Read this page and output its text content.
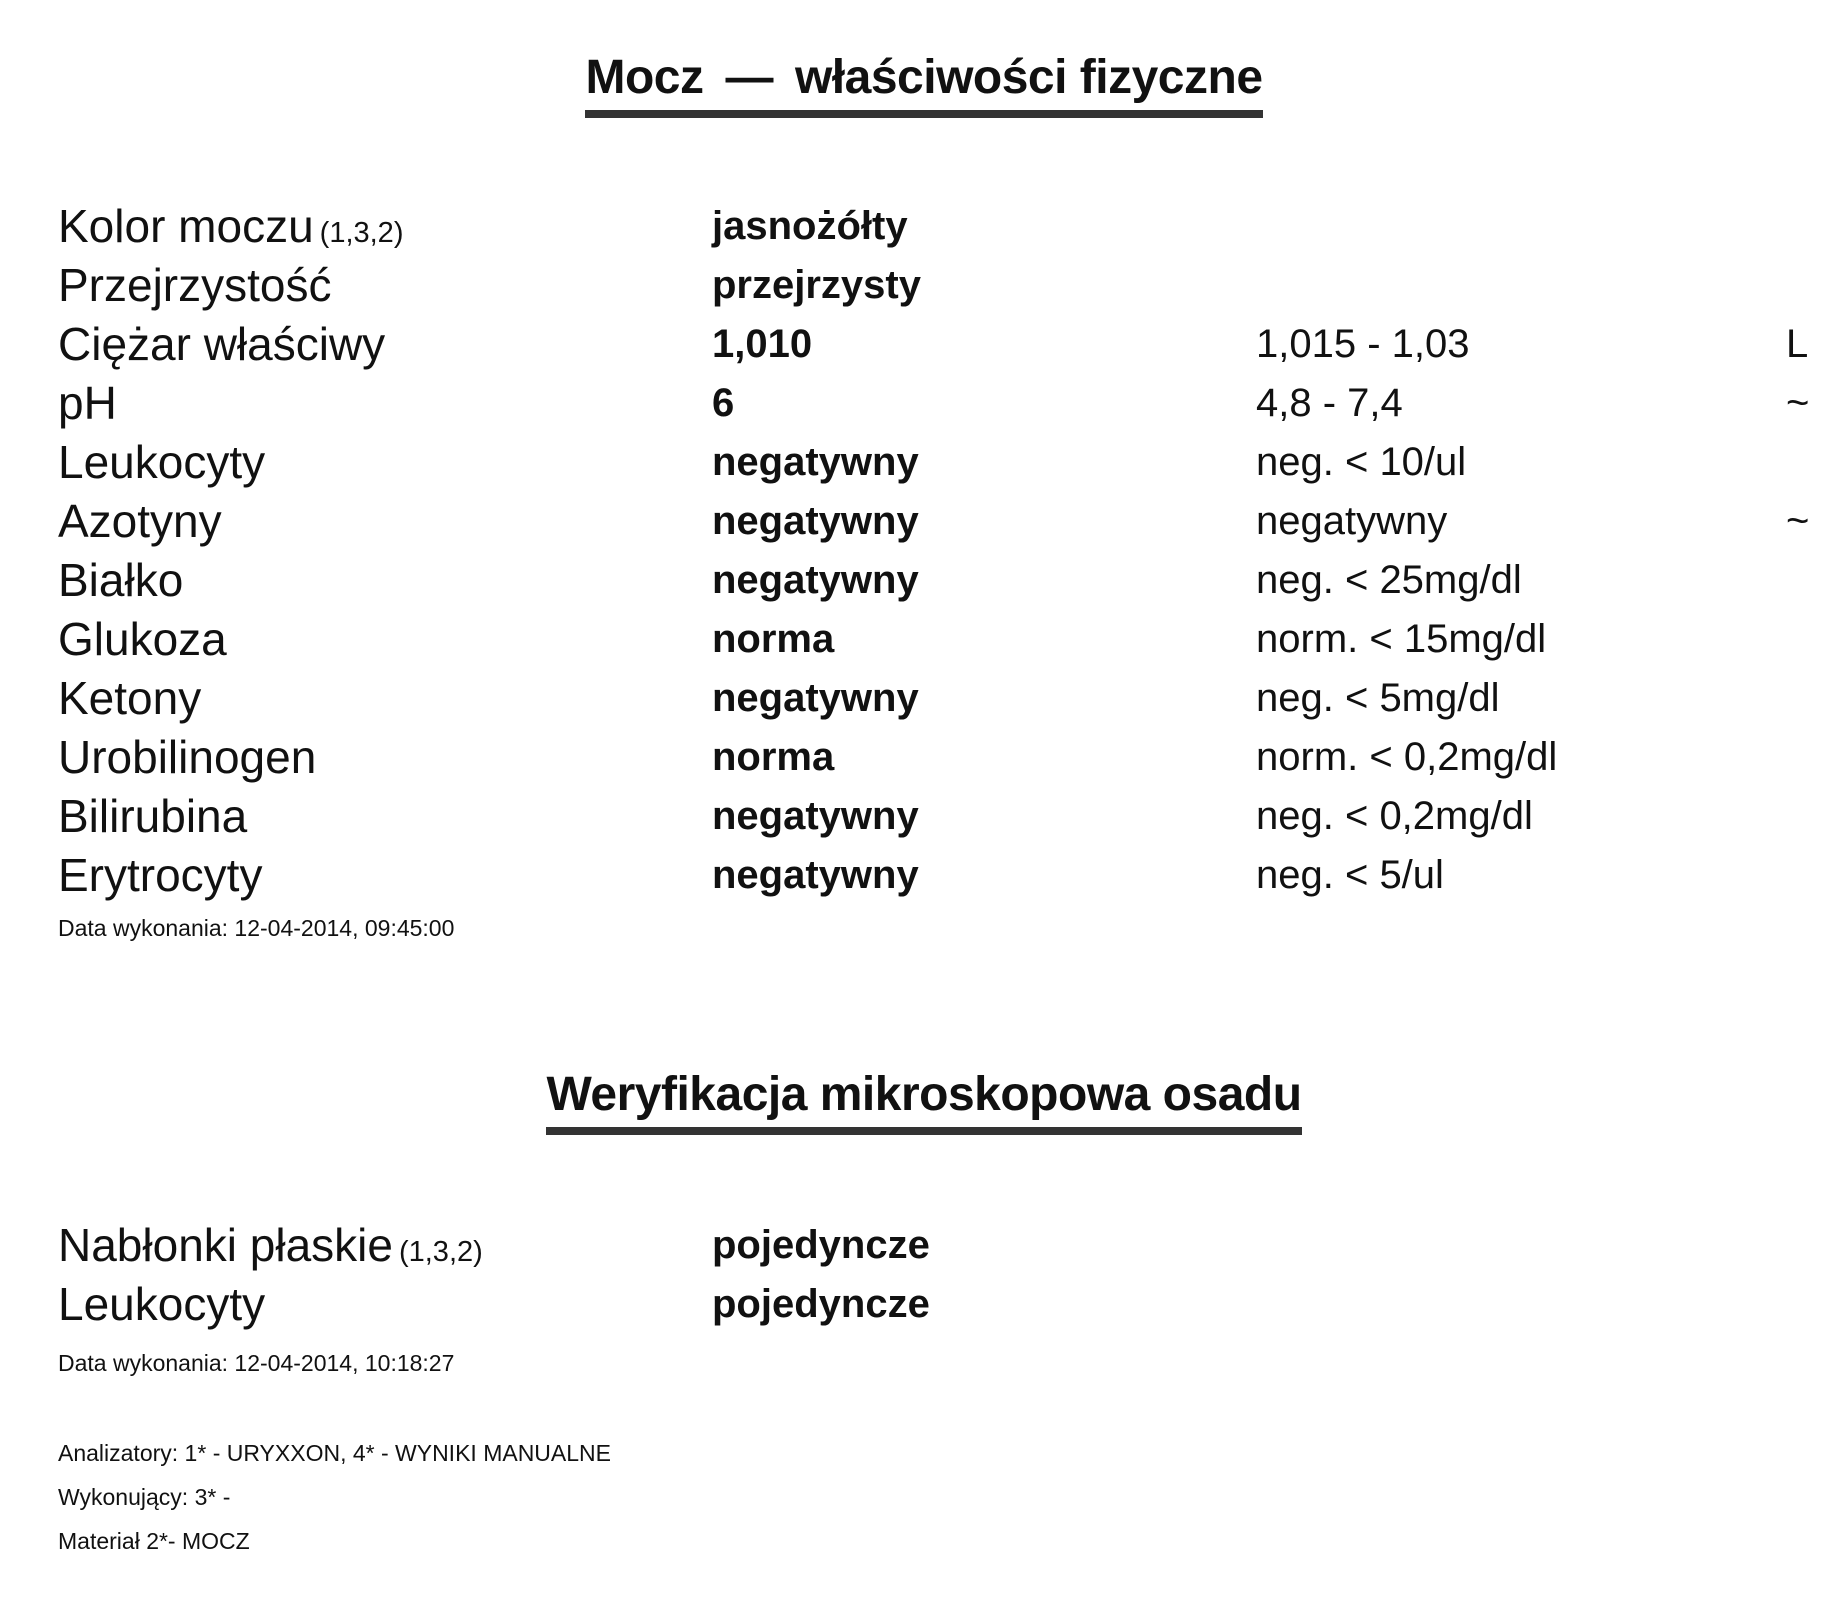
Mocz — właściwości fizyczne
Kolor moczu (1,3,2)	jasnożółty
Przejrzystość	przejrzysty
Ciężar właściwy	1,010	1,015 - 1,03	L
pH	6	4,8 - 7,4	~
Leukocyty	negatywny	neg. < 10/ul
Azotyny	negatywny	negatywny	~
Białko	negatywny	neg. < 25mg/dl
Glukoza	norma	norm. < 15mg/dl
Ketony	negatywny	neg. < 5mg/dl
Urobilinogen	norma	norm. < 0,2mg/dl
Bilirubina	negatywny	neg. < 0,2mg/dl
Erytrocyty	negatywny	neg. < 5/ul
Data wykonania: 12-04-2014, 09:45:00
Weryfikacja mikroskopowa osadu
Nabłonki płaskie (1,3,2)	pojedyncze
Leukocyty	pojedyncze
Data wykonania: 12-04-2014, 10:18:27
Analizatory: 1* - URYXXON, 4* - WYNIKI MANUALNE
Wykonujący: 3* -
Materiał 2*- MOCZ
